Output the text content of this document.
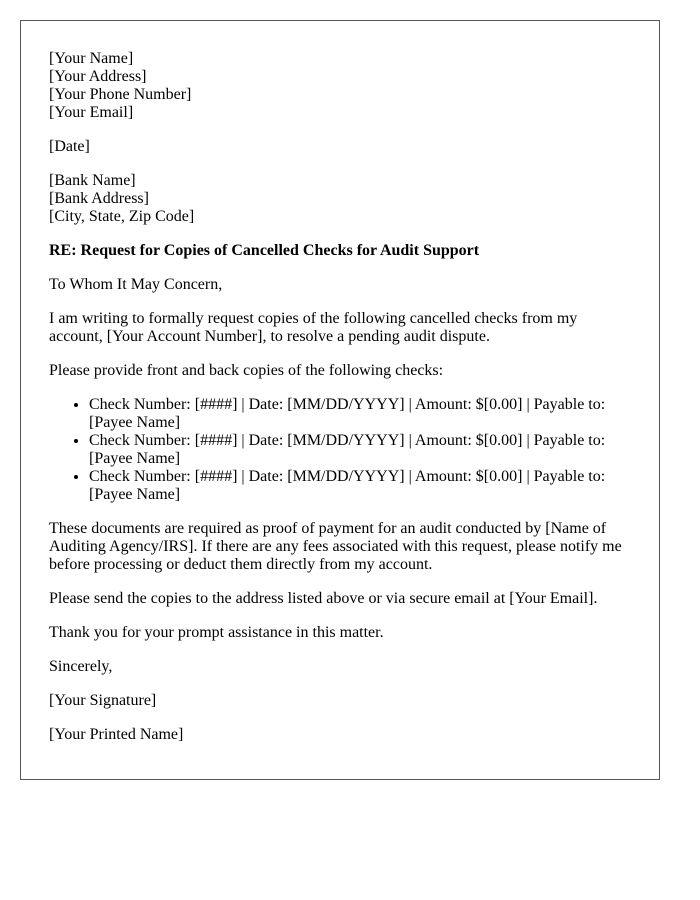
[Your Name]
[Your Address]
[Your Phone Number]
[Your Email]
[Date]
[Bank Name]
[Bank Address]
[City, State, Zip Code]
RE: Request for Copies of Cancelled Checks for Audit Support

To Whom It May Concern,

I am writing to formally request copies of the following cancelled checks from my account, [Your Account Number], to resolve a pending audit dispute.

Please provide front and back copies of the following checks:

• Check Number: [####] | Date: [MM/DD/YYYY] | Amount: $[0.00] | Payable to: [Payee Name]
• Check Number: [####] | Date: [MM/DD/YYYY] | Amount: $[0.00] | Payable to: [Payee Name]
• Check Number: [####] | Date: [MM/DD/YYYY] | Amount: $[0.00] | Payable to: [Payee Name]

These documents are required as proof of payment for an audit conducted by [Name of Auditing Agency/IRS]. If there are any fees associated with this request, please notify me before processing or deduct them directly from my account.

Please send the copies to the address listed above or via secure email at [Your Email].

Thank you for your prompt assistance in this matter.

Sincerely,

[Your Signature]

[Your Printed Name]
